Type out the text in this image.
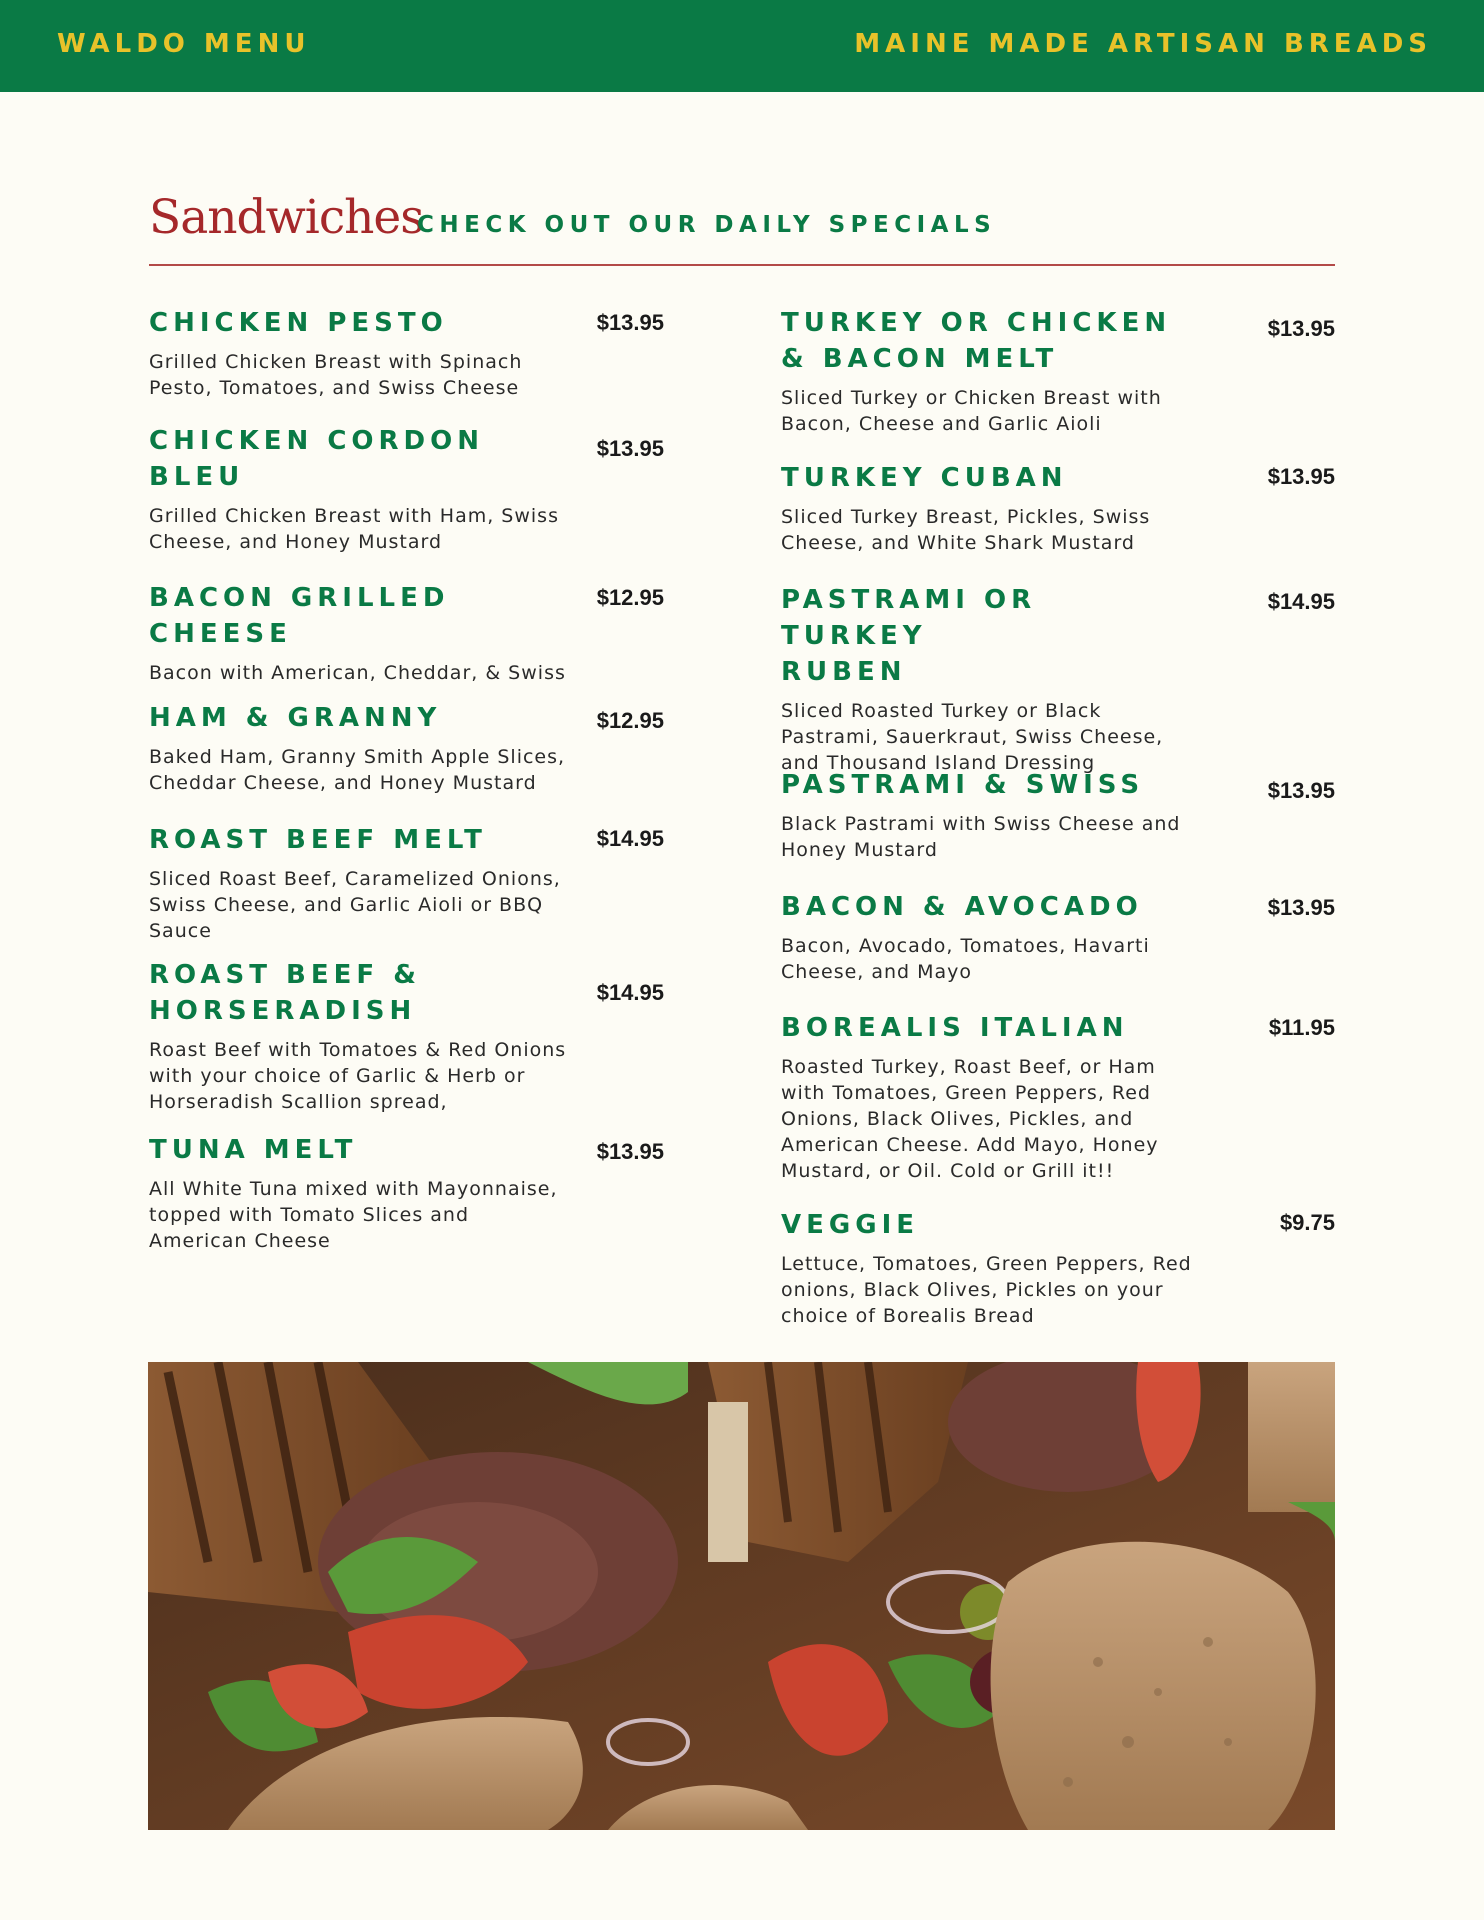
WALDO MENU	MAINE MADE ARTISAN BREADS
Sandwiches
CHECK OUT OUR DAILY SPECIALS
CHICKEN PESTO
Grilled Chicken Breast with Spinach Pesto, Tomatoes, and Swiss Cheese
$13.95
CHICKEN CORDON BLEU
Grilled Chicken Breast with Ham, Swiss Cheese, and Honey Mustard
$13.95
BACON GRILLED CHEESE
Bacon with American, Cheddar, & Swiss
$12.95
HAM & GRANNY
Baked Ham, Granny Smith Apple Slices, Cheddar Cheese, and Honey Mustard
$12.95
ROAST BEEF MELT
Sliced Roast Beef, Caramelized Onions, Swiss Cheese, and Garlic Aioli or BBQ Sauce
$14.95
ROAST BEEF & HORSERADISH
Roast Beef with Tomatoes & Red Onions with your choice of Garlic & Herb or Horseradish Scallion spread,
$14.95
TUNA MELT
All White Tuna mixed with Mayonnaise, topped with Tomato Slices and American Cheese
$13.95
TURKEY OR CHICKEN & BACON MELT
Sliced Turkey or Chicken Breast with Bacon, Cheese and Garlic Aioli
$13.95
TURKEY CUBAN
Sliced Turkey Breast, Pickles, Swiss Cheese, and White Shark Mustard
$13.95
PASTRAMI OR TURKEY RUBEN
Sliced Roasted Turkey or Black Pastrami, Sauerkraut, Swiss Cheese, and Thousand Island Dressing
$14.95
PASTRAMI & SWISS
Black Pastrami with Swiss Cheese and Honey Mustard
$13.95
BACON & AVOCADO
Bacon, Avocado, Tomatoes, Havarti Cheese, and Mayo
$13.95
BOREALIS ITALIAN
Roasted Turkey, Roast Beef, or Ham with Tomatoes, Green Peppers, Red Onions, Black Olives, Pickles, and American Cheese. Add Mayo, Honey Mustard, or Oil. Cold or Grill it!!
$11.95
VEGGIE
Lettuce, Tomatoes, Green Peppers, Red onions, Black Olives, Pickles on your choice of Borealis Bread
$9.75
